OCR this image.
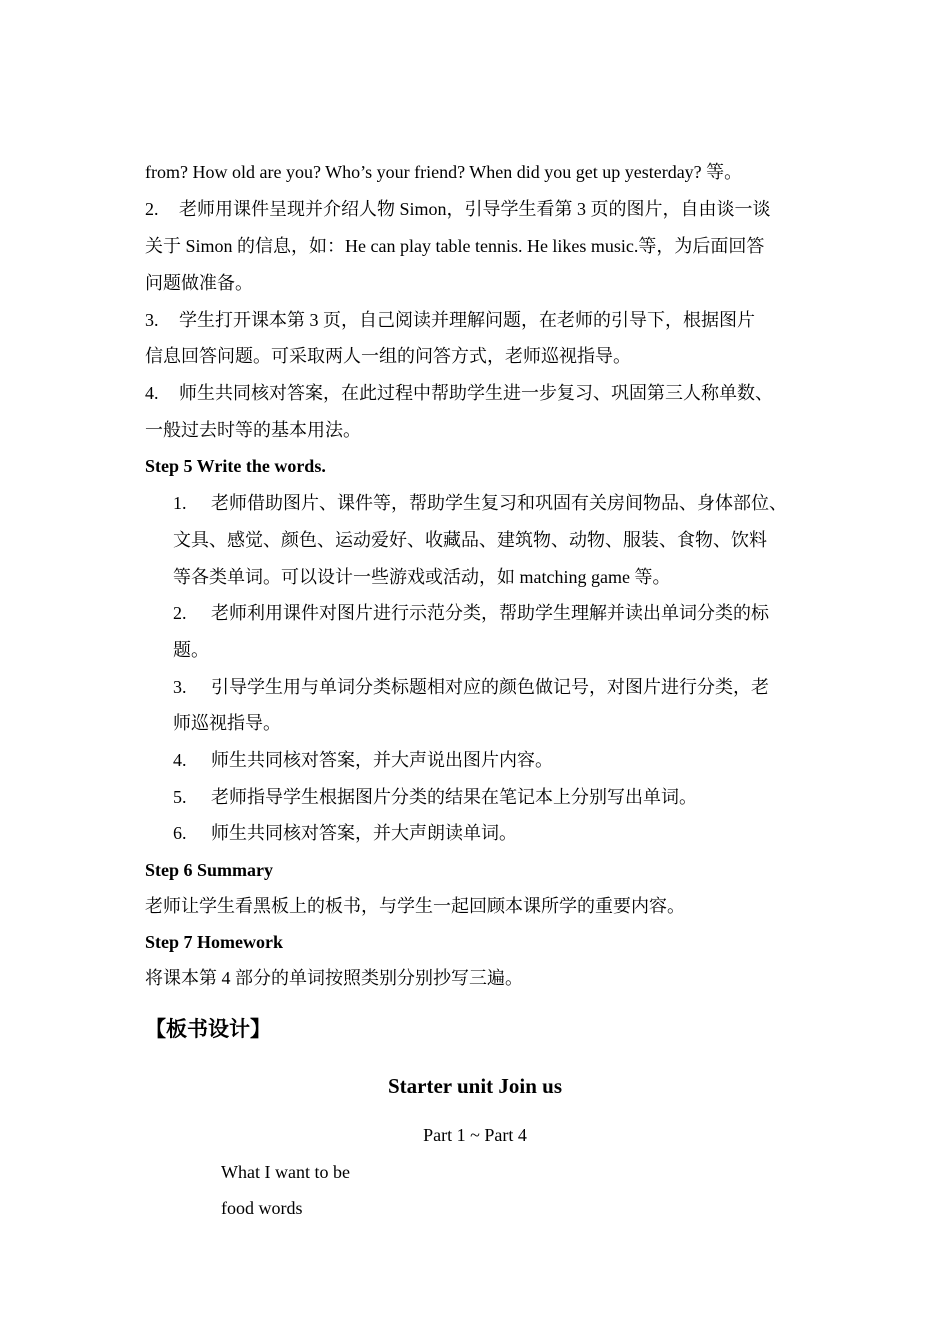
from? How old are you? Who’s your friend? When did you get up yesterday? 等。
2. 老师用课件呈现并介绍人物 Simon，引导学生看第 3 页的图片，自由谈一谈
关于 Simon 的信息，如：He can play table tennis. He likes music.等，为后面回答
问题做准备。
3. 学生打开课本第 3 页，自己阅读并理解问题，在老师的引导下，根据图片
信息回答问题。可采取两人一组的问答方式，老师巡视指导。
4. 师生共同核对答案，在此过程中帮助学生进一步复习、巩固第三人称单数、
一般过去时等的基本用法。
Step 5 Write the words.
1. 老师借助图片、课件等，帮助学生复习和巩固有关房间物品、身体部位、
文具、感觉、颜色、运动爱好、收藏品、建筑物、动物、服装、食物、饮料
等各类单词。可以设计一些游戏或活动，如 matching game 等。
2. 老师利用课件对图片进行示范分类，帮助学生理解并读出单词分类的标
题。
3. 引导学生用与单词分类标题相对应的颜色做记号，对图片进行分类，老
师巡视指导。
4. 师生共同核对答案，并大声说出图片内容。
5. 老师指导学生根据图片分类的结果在笔记本上分别写出单词。
6. 师生共同核对答案，并大声朗读单词。
Step 6 Summary
老师让学生看黑板上的板书，与学生一起回顾本课所学的重要内容。
Step 7 Homework
将课本第 4 部分的单词按照类别分别抄写三遍。
【板书设计】
Starter unit Join us
Part 1 ~ Part 4
What I want to be
food words
